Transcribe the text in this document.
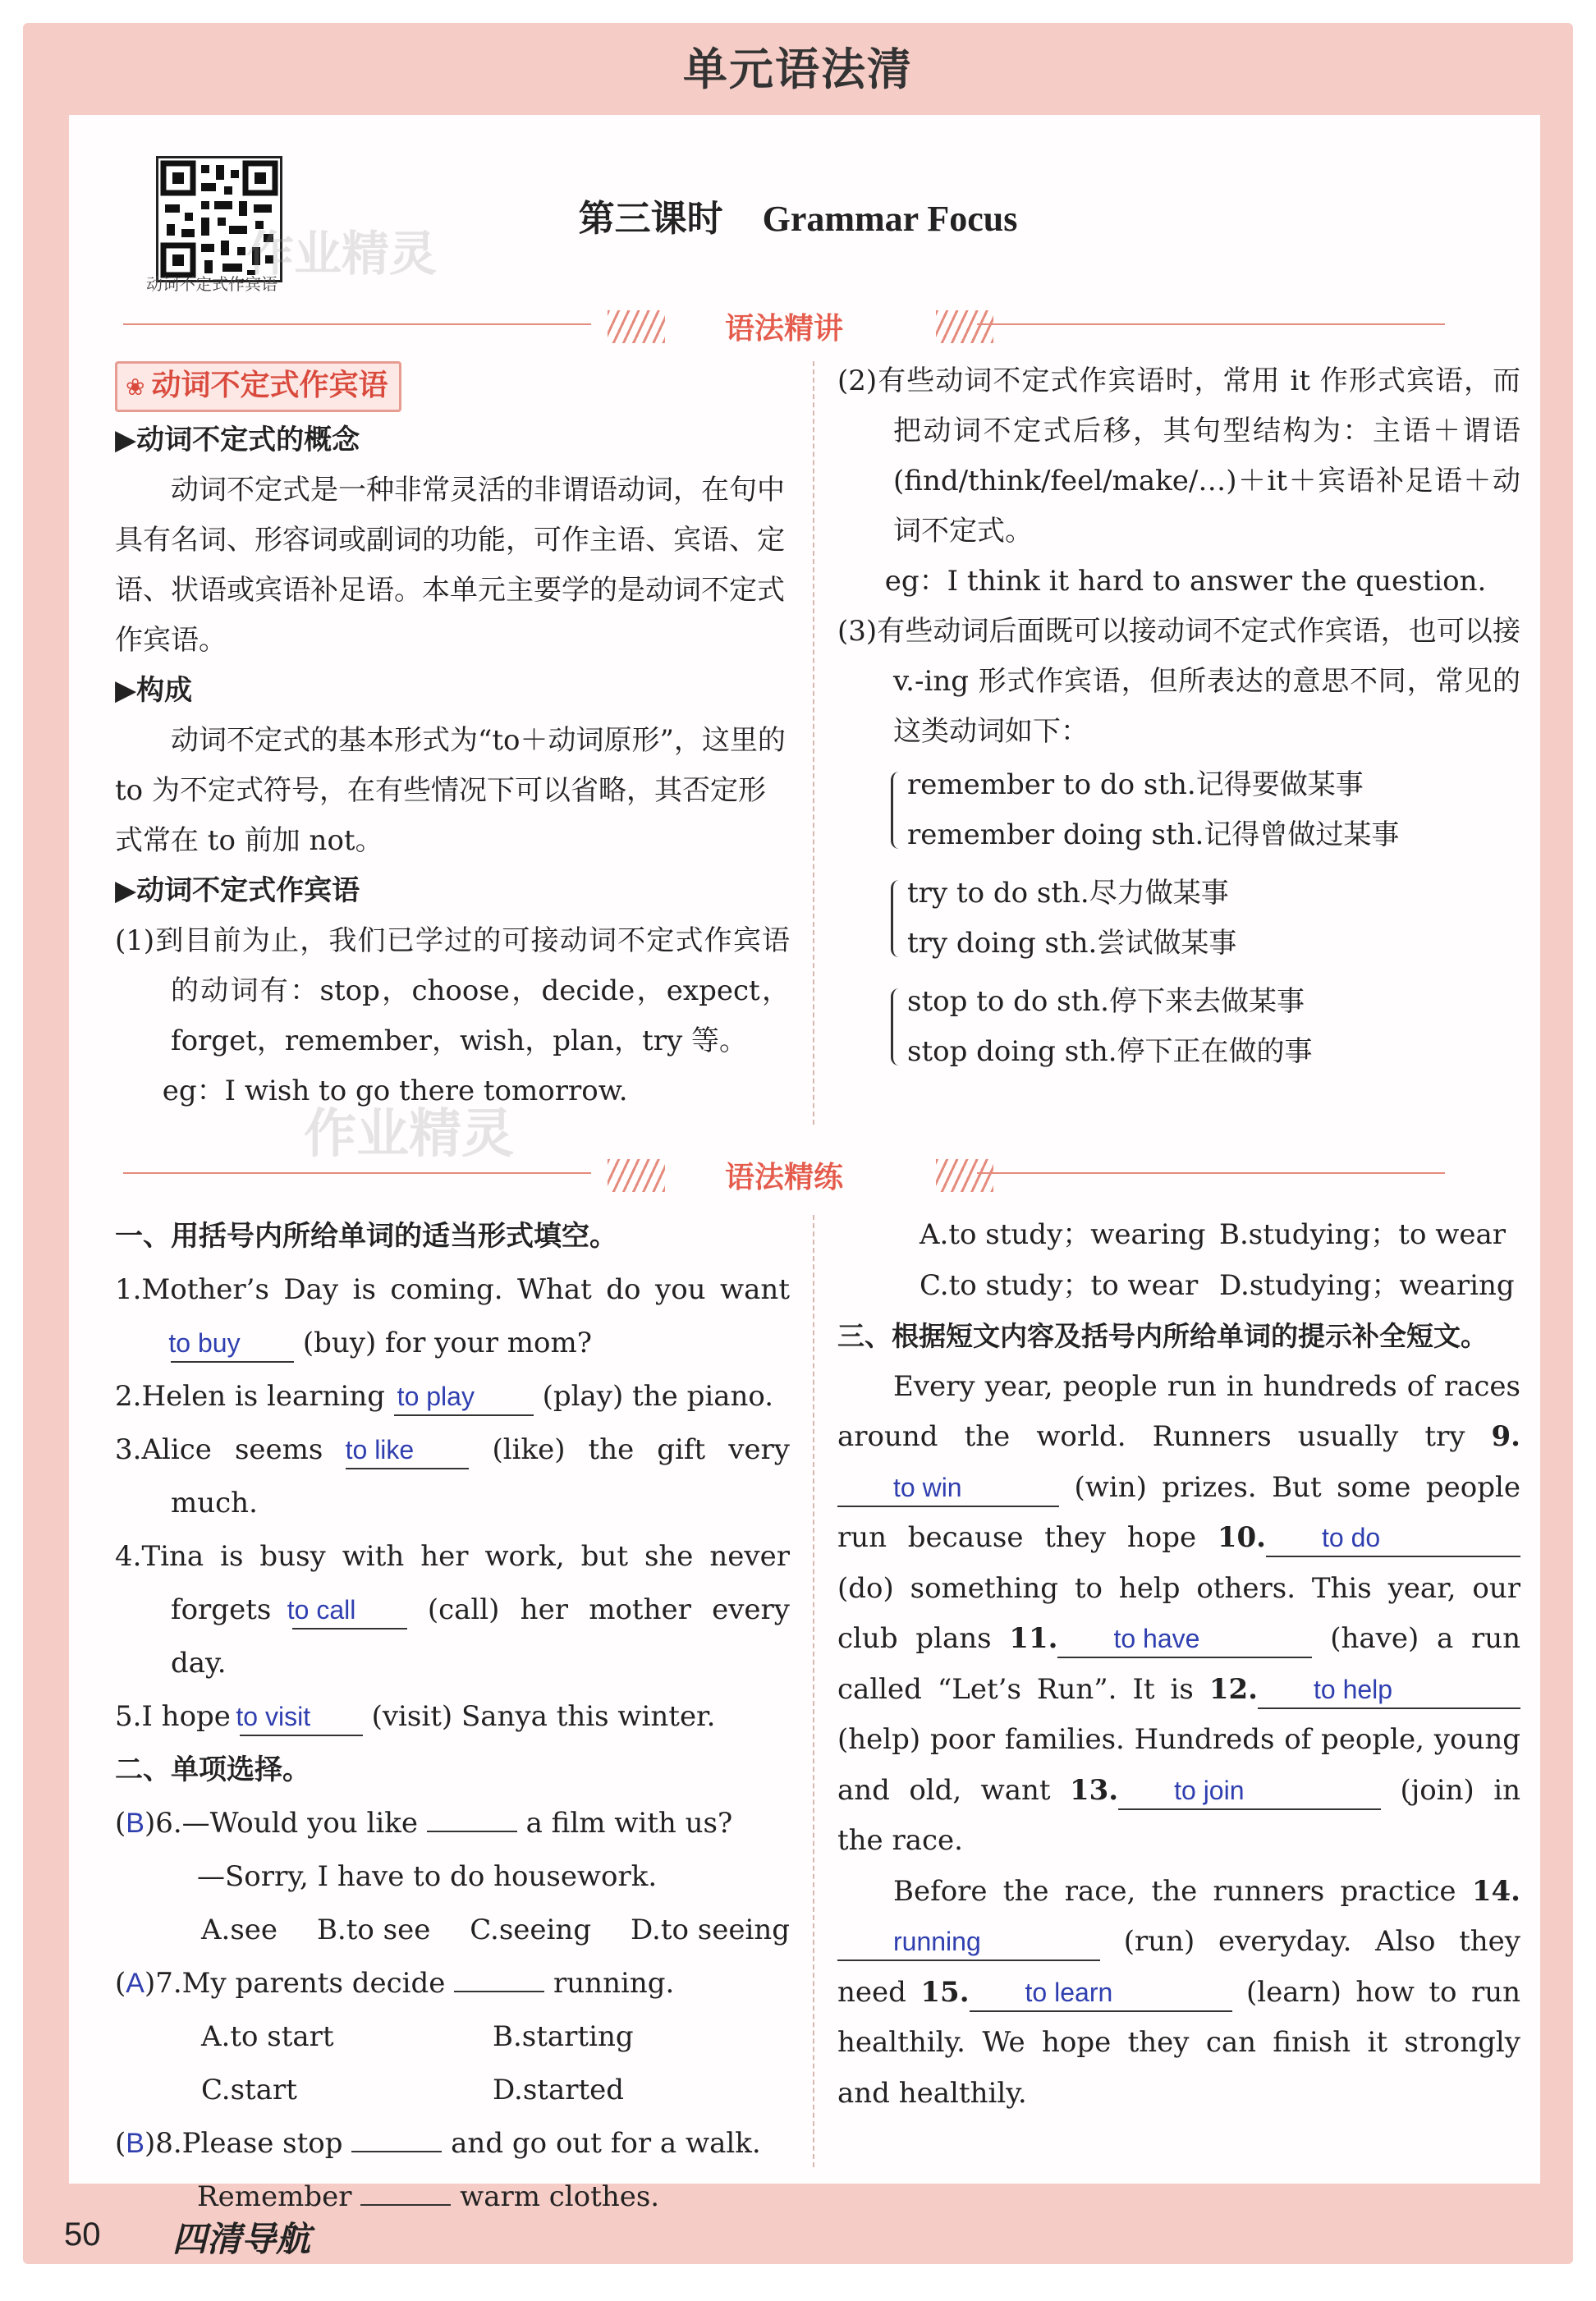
单元语法清
动词不定式作宾语
作业精灵
第三课时 Grammar Focus
语法精讲

❀ 动词不定式作宾语

▶动词不定式的概念

动词不定式是一种非常灵活的非谓语动词，在句中具有名词、形容词或副词的功能，可作主语、宾语、定语、状语或宾语补足语。本单元主要学的是动词不定式作宾语。

▶构成

动词不定式的基本形式为“to＋动词原形”，这里的 to 为不定式符号，在有些情况下可以省略，其否定形式常在 to 前加 not。

▶动词不定式作宾语

(1)到目前为止，我们已学过的可接动词不定式作宾语的动词有：stop，choose，decide，expect，forget，remember，wish，plan，try 等。

eg：I wish to go there tomorrow.

作业精灵

(2)有些动词不定式作宾语时，常用 it 作形式宾语，而把动词不定式后移，其句型结构为：主语＋谓语(find/think/feel/make/…)＋it＋宾语补足语＋动词不定式。

eg：I think it hard to answer the question.

(3)有些动词后面既可以接动词不定式作宾语，也可以接 v.-ing 形式作宾语，但所表达的意思不同，常见的这类动词如下：

remember to do sth.记得要做某事

remember doing sth.记得曾做过某事

try to do sth.尽力做某事

try doing sth.尝试做某事

stop to do sth.停下来去做某事

stop doing sth.停下正在做的事

语法精练

一、用括号内所给单词的适当形式填空。

1.Mother’s Day is coming. What do you want to buy (buy) for your mom?

2.Helen is learning to play (play) the piano.

3.Alice seems to like	(like) the gift very much.

4.Tina is busy with her work, but she never forgets to call	(call) her mother every day.

5.I hope to visit (visit) Sanya this winter.

二、单项选择。

(B)6.—Would you like	a film with us?

—Sorry, I have to do housework.

A.see B.to see C.seeing D.to seeing

(A)7.My parents decide	running.

A.to start	B.starting

C.start	D.started

(B)8.Please stop	and go out for a walk.

Remember	warm clothes.

A.to study；wearing B.studying；to wear

C.to study；to wear D.studying；wearing

三、根据短文内容及括号内所给单词的提示补全短文。

Every year, people run in hundreds of races around the world. Runners usually try 9.to win	(win) prizes. But some people run because they hope 10. to do (do) something to help others. This year, our club plans 11. to have	(have) a run called “Let’s Run”. It is 12. to help (help) poor families. Hundreds of people, young and old, want 13. to join	(join) in the race.

Before the race, the runners practice 14.running	(run) everyday. Also they need 15. to learn	(learn) how to run healthily. We hope they can finish it strongly and healthily.

50 四清导航
